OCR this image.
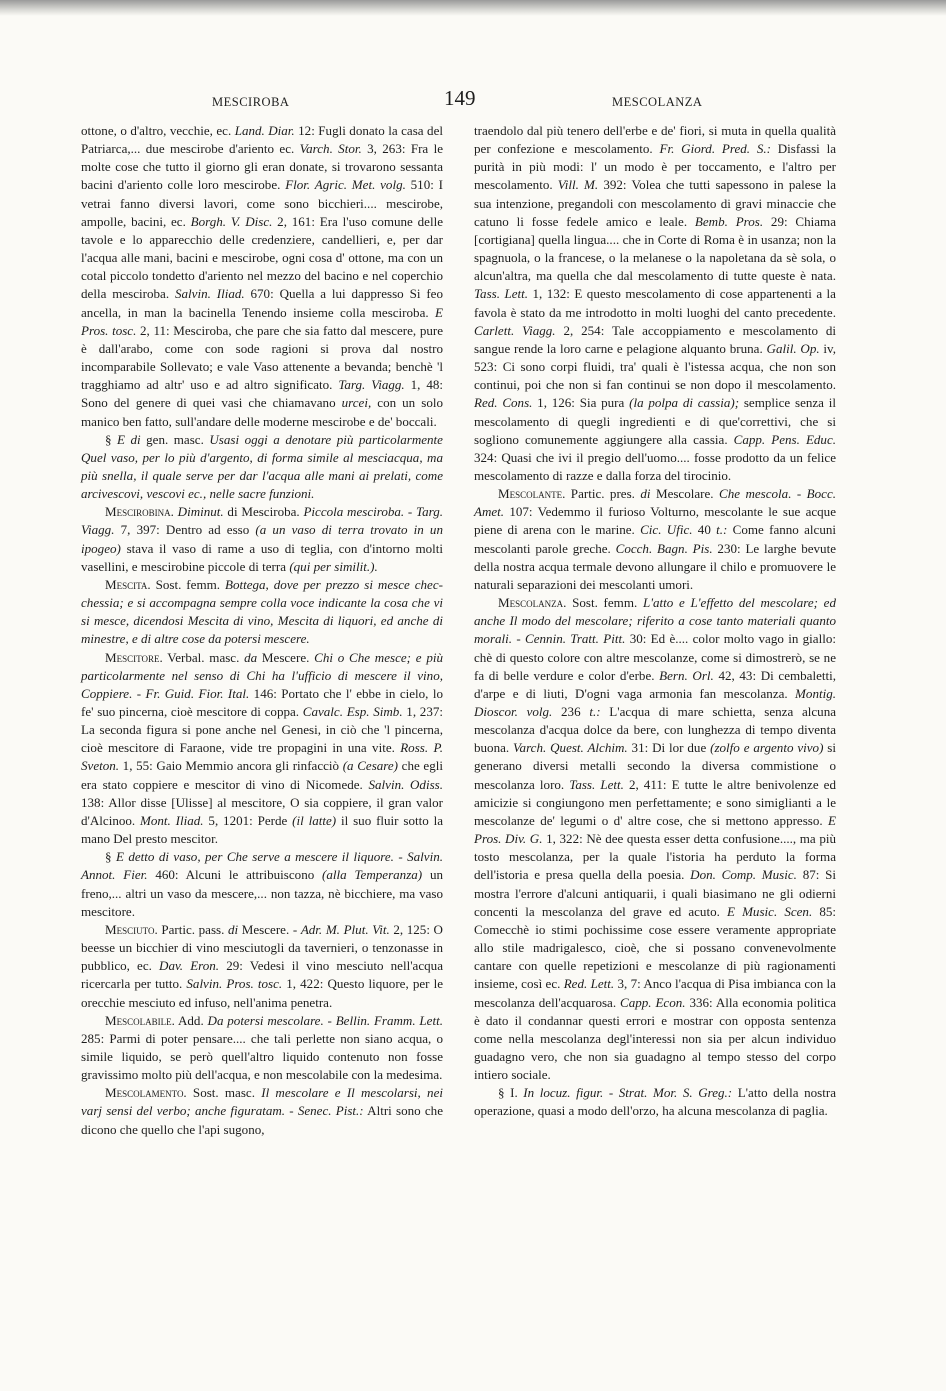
MESCIROBA	149	MESCOLANZA

ottone, o d'altro, vecchie, ec. Land. Diar. 12: Fugli donato la casa del Patriarca,... due mescirobe d'ariento ec. Varch. Stor. 3, 263: Fra le molte cose che tutto il giorno gli eran donate, si trovarono sessanta bacini d'ariento colle loro mescirobe. Flor. Agric. Met. volg. 510: I vetrai fanno diversi lavori, come sono bicchieri.... mescirobe, ampolle, bacini, ec. Borgh. V. Disc. 2, 161: Era l'uso comune delle tavole e lo apparecchio delle credenziere, candellieri, e, per dar l'acqua alle mani, bacini e mescirobe, ogni cosa d' ottone, ma con un cotal piccolo tondetto d'ariento nel mezzo del bacino e nel coperchio della mesciroba. Salvin. Iliad. 670: Quella a lui dappresso Si feo ancella, in man la bacinella Tenendo insieme colla mesciroba. E Pros. tosc. 2, 11: Mesciroba, che pare che sia fatto dal mescere, pure è dall'arabo, come con sode ragioni si prova dal nostro incomparabile Sollevato; e vale Vaso attenente a bevanda; benchè 'l tragghiamo ad altr' uso e ad altro significato. Targ. Viagg. 1, 48: Sono del genere di quei vasi che chiamavano urcei, con un solo manico ben fatto, sull'andare delle moderne mescirobe e de' boccali.

§ E di gen. masc. Usasi oggi a denotare più particolarmente Quel vaso, per lo più d'argento, di forma simile al mesciacqua, ma più snella, il quale serve per dar l'acqua alle mani ai prelati, come arcivescovi, vescovi ec., nelle sacre funzioni.

Mescirobina. Diminut. di Mesciroba. Piccola mesciroba. - Targ. Viagg. 7, 397: Dentro ad esso (a un vaso di terra trovato in un ipogeo) stava il vaso di rame a uso di teglia, con d'intorno molti vasellini, e mescirobine piccole di terra (qui per similit.).

Mescita. Sost. femm. Bottega, dove per prezzo si mesce checchessia; e si accompagna sempre colla voce indicante la cosa che vi si mesce, dicendosi Mescita di vino, Mescita di liquori, ed anche di minestre, e di altre cose da potersi mescere.

Mescitore. Verbal. masc. da Mescere. Chi o Che mesce; e più particolarmente nel senso di Chi ha l'ufficio di mescere il vino, Coppiere. - Fr. Guid. Fior. Ital. 146: Portato che l' ebbe in cielo, lo fe' suo pincerna, cioè mescitore di coppa. Cavalc. Esp. Simb. 1, 237: La seconda figura si pone anche nel Genesi, in ciò che 'l pincerna, cioè mescitore di Faraone, vide tre propagini in una vite. Ross. P. Sveton. 1, 55: Gaio Memmio ancora gli rinfacciò (a Cesare) che egli era stato coppiere e mescitor di vino di Nicomede. Salvin. Odiss. 138: Allor disse [Ulisse] al mescitore, O sia coppiere, il gran valor d'Alcinoo. Mont. Iliad. 5, 1201: Perde (il latte) il suo fluir sotto la mano Del presto mescitor.

§ E detto di vaso, per Che serve a mescere il liquore. - Salvin. Annot. Fier. 460: Alcuni le attribuiscono (alla Temperanza) un freno,... altri un vaso da mescere,... non tazza, nè bicchiere, ma vaso mescitore.

Mesciuto. Partic. pass. di Mescere. - Adr. M. Plut. Vit. 2, 125: O beesse un bicchier di vino mesciutogli da tavernieri, o tenzonasse in pubblico, ec. Dav. Eron. 29: Vedesi il vino mesciuto nell'acqua ricercarla per tutto. Salvin. Pros. tosc. 1, 422: Questo liquore, per le orecchie mesciuto ed infuso, nell'anima penetra.

Mescolabile. Add. Da potersi mescolare. - Bellin. Framm. Lett. 285: Parmi di poter pensare.... che tali perlette non siano acqua, o simile liquido, se però quell'altro liquido contenuto non fosse gravissimo molto più dell'acqua, e non mescolabile con la medesima.

Mescolamento. Sost. masc. Il mescolare e Il mescolarsi, nei varj sensi del verbo; anche figuratam. - Senec. Pist.: Altri sono che dicono che quello che l'api sugono,

traendolo dal più tenero dell'erbe e de' fiori, si muta in quella qualità per confezione e mescolamento. Fr. Giord. Pred. S.: Disfassi la purità in più modi: l' un modo è per toccamento, e l'altro per mescolamento. Vill. M. 392: Volea che tutti sapessono in palese la sua intenzione, pregandoli con mescolamento di gravi minaccie che catuno li fosse fedele amico e leale. Bemb. Pros. 29: Chiama [cortigiana] quella lingua.... che in Corte di Roma è in usanza; non la spagnuola, o la francese, o la melanese o la napoletana da sè sola, o alcun'altra, ma quella che dal mescolamento di tutte queste è nata. Tass. Lett. 1, 132: E questo mescolamento di cose appartenenti a la favola è stato da me introdotto in molti luoghi del canto precedente. Carlett. Viagg. 2, 254: Tale accoppiamento e mescolamento di sangue rende la loro carne e pelagione alquanto bruna. Galil. Op. iv, 523: Ci sono corpi fluidi, tra' quali è l'istessa acqua, che non son continui, poi che non si fan continui se non dopo il mescolamento. Red. Cons. 1, 126: Sia pura (la polpa di cassia); semplice senza il mescolamento di quegli ingredienti e di que'correttivi, che si sogliono comunemente aggiungere alla cassia. Capp. Pens. Educ. 324: Quasi che ivi il pregio dell'uomo.... fosse prodotto da un felice mescolamento di razze e dalla forza del tirocinio.

Mescolante. Partic. pres. di Mescolare. Che mescola. - Bocc. Amet. 107: Vedemmo il furioso Volturno, mescolante le sue acque piene di arena con le marine. Cic. Ufic. 40 t.: Come fanno alcuni mescolanti parole greche. Cocch. Bagn. Pis. 230: Le larghe bevute della nostra acqua termale devono allungare il chilo e promuovere le naturali separazioni dei mescolanti umori.

Mescolanza. Sost. femm. L'atto e L'effetto del mescolare; ed anche Il modo del mescolare; riferito a cose tanto materiali quanto morali. - Cennin. Tratt. Pitt. 30: Ed è.... color molto vago in giallo: chè di questo colore con altre mescolanze, come si dimostrerò, se ne fa di belle verdure e color d'erbe. Bern. Orl. 42, 43: Di cembaletti, d'arpe e di liuti, D'ogni vaga armonia fan mescolanza. Montig. Dioscor. volg. 236 t.: L'acqua di mare schietta, senza alcuna mescolanza d'acqua dolce da bere, con lunghezza di tempo diventa buona. Varch. Quest. Alchim. 31: Di lor due (zolfo e argento vivo) si generano diversi metalli secondo la diversa commistione o mescolanza loro. Tass. Lett. 2, 411: E tutte le altre benivolenze ed amicizie si congiungono men perfettamente; e sono simiglianti a le mescolanze de' legumi o d' altre cose, che si mettono appresso. E Pros. Div. G. 1, 322: Nè dee questa esser detta confusione...., ma più tosto mescolanza, per la quale l'istoria ha perduto la forma dell'istoria e presa quella della poesia. Don. Comp. Music. 87: Si mostra l'errore d'alcuni antiquarii, i quali biasimano ne gli odierni concenti la mescolanza del grave ed acuto. E Music. Scen. 85: Comecchè io stimi pochissime cose essere veramente appropriate allo stile madrigalesco, cioè, che si possano convenevolmente cantare con quelle repetizioni e mescolanze di più ragionamenti insieme, così ec. Red. Lett. 3, 7: Anco l'acqua di Pisa imbianca con la mescolanza dell'acquarosa. Capp. Econ. 336: Alla economia politica è dato il condannar questi errori e mostrar con opposta sentenza come nella mescolanza degl'interessi non sia per alcun individuo guadagno vero, che non sia guadagno al tempo stesso del corpo intiero sociale.

§ I. In locuz. figur. - Strat. Mor. S. Greg.: L'atto della nostra operazione, quasi a modo dell'orzo, ha alcuna mescolanza di paglia.
